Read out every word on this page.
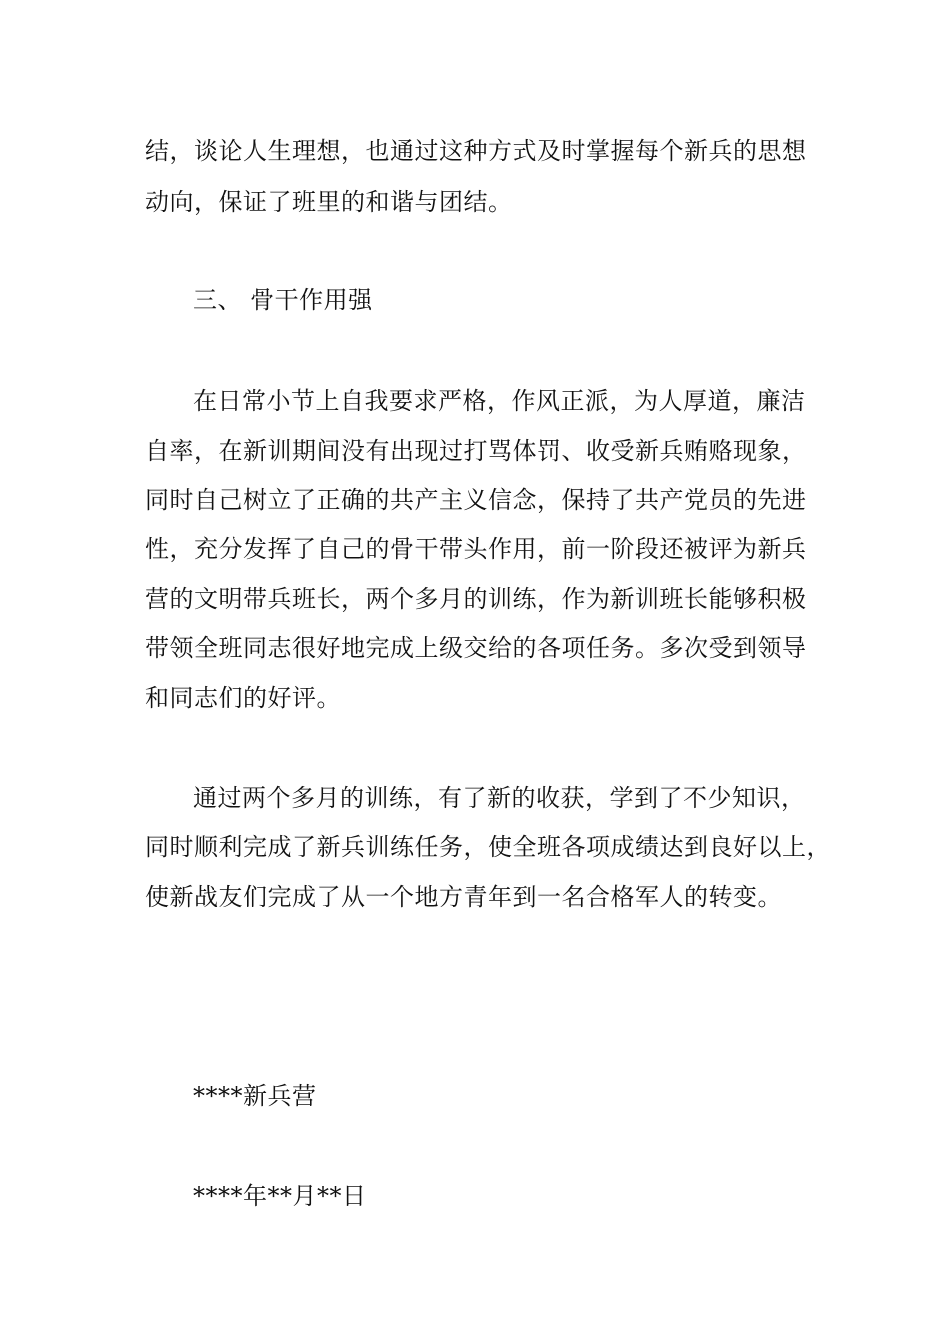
结，谈论人生理想，也通过这种方式及时掌握每个新兵的思想
动向，保证了班里的和谐与团结。
三、 骨干作用强
在日常小节上自我要求严格，作风正派，为人厚道，廉洁
自率，在新训期间没有出现过打骂体罚、收受新兵贿赂现象，
同时自己树立了正确的共产主义信念，保持了共产党员的先进
性，充分发挥了自己的骨干带头作用，前一阶段还被评为新兵
营的文明带兵班长，两个多月的训练，作为新训班长能够积极
带领全班同志很好地完成上级交给的各项任务。多次受到领导
和同志们的好评。
通过两个多月的训练，有了新的收获，学到了不少知识，
同时顺利完成了新兵训练任务，使全班各项成绩达到良好以上，
使新战友们完成了从一个地方青年到一名合格军人的转变。
****新兵营
****年**月**日
